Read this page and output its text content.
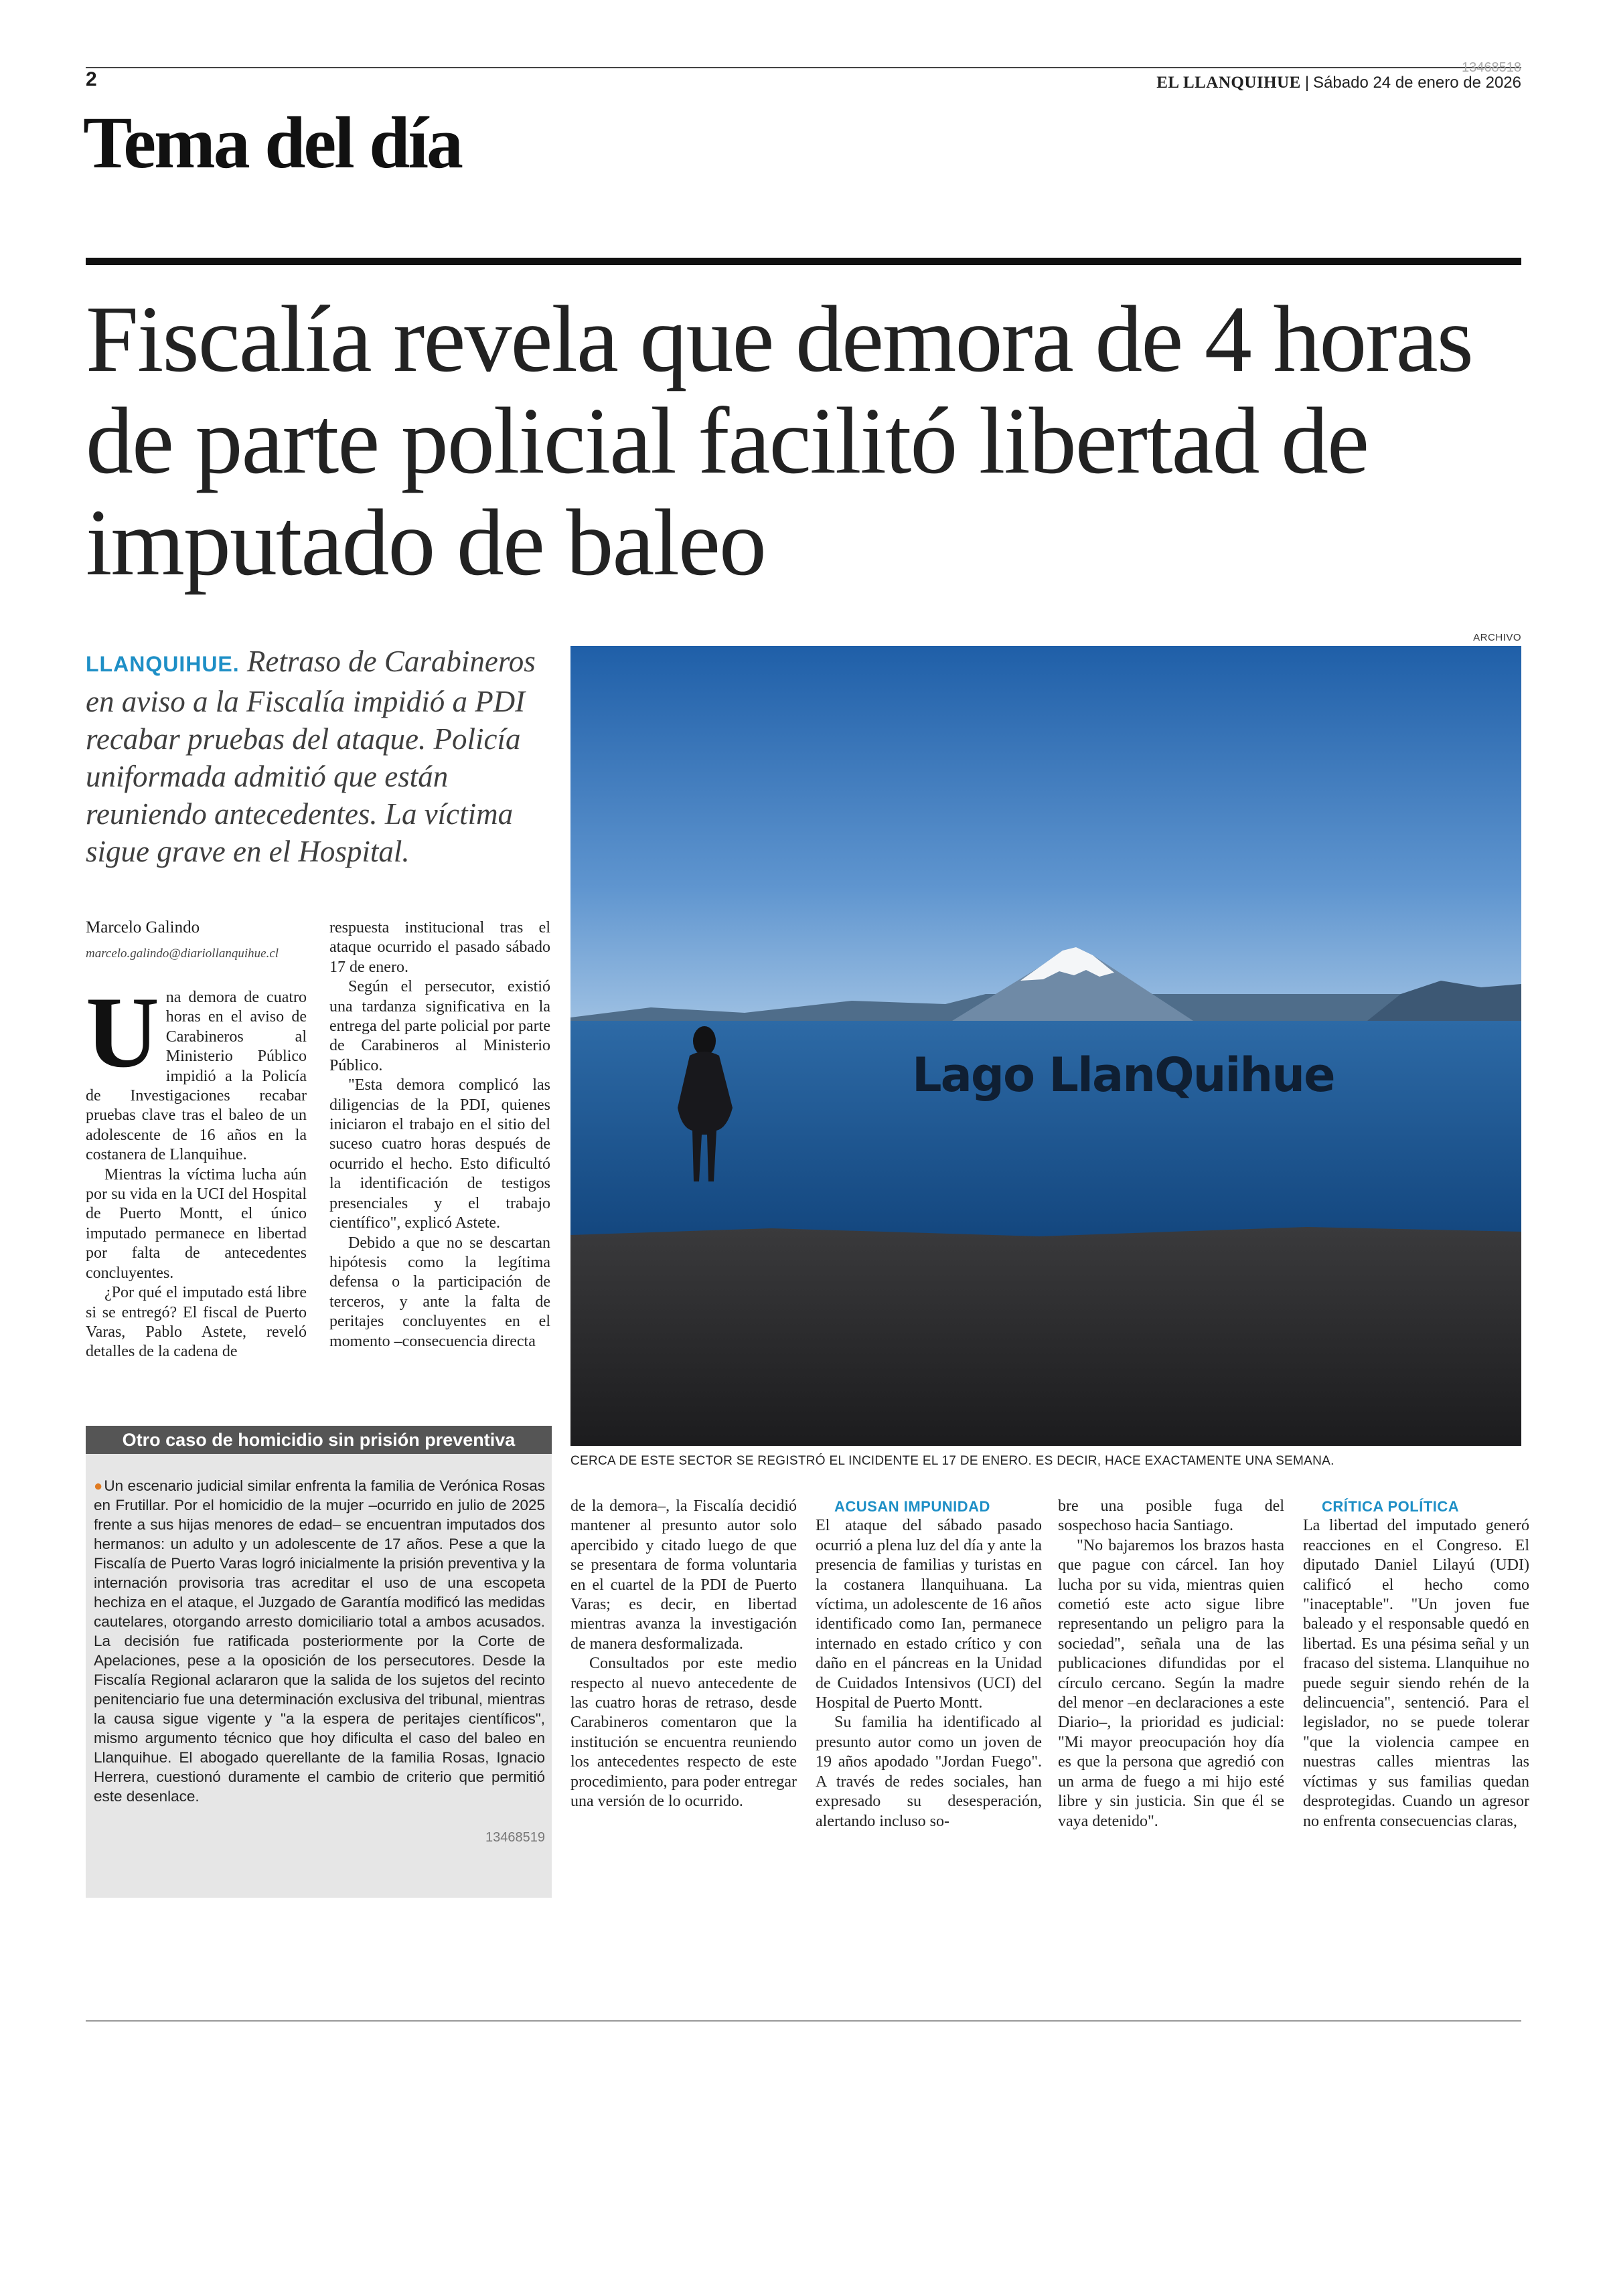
2
13468518
EL LLANQUIHUE | Sábado 24 de enero de 2026
Tema del día
Fiscalía revela que demora de 4 horas de parte policial facilitó libertad de imputado de baleo

LLANQUIHUE. Retraso de Carabineros en aviso a la Fiscalía impidió a PDI recabar pruebas del ataque. Policía uniformada admitió que están reuniendo antecedentes. La víctima sigue grave en el Hospital.

Marcelo Galindo
marcelo.galindo@diariollanquihue.cl

Una demora de cuatro horas en el aviso de Carabineros al Ministerio Público impidió a la Policía de Investigaciones recabar pruebas clave tras el baleo de un adolescente de 16 años en la costanera de Llanquihue.

Mientras la víctima lucha aún por su vida en la UCI del Hospital de Puerto Montt, el único imputado permanece en libertad por falta de antecedentes concluyentes.

¿Por qué el imputado está libre si se entregó? El fiscal de Puerto Varas, Pablo Astete, reveló detalles de la cadena de

respuesta institucional tras el ataque ocurrido el pasado sábado 17 de enero.

Según el persecutor, existió una tardanza significativa en la entrega del parte policial por parte de Carabineros al Ministerio Público.

"Esta demora complicó las diligencias de la PDI, quienes iniciaron el trabajo en el sitio del suceso cuatro horas después de ocurrido el hecho. Esto dificultó la identificación de testigos presenciales y el trabajo científico", explicó Astete.

Debido a que no se descartan hipótesis como la legítima defensa o la participación de terceros, y ante la falta de peritajes concluyentes en el momento –consecuencia directa

ARCHIVO
Lago LlanQuihue
CERCA DE ESTE SECTOR SE REGISTRÓ EL INCIDENTE EL 17 DE ENERO. ES DECIR, HACE EXACTAMENTE UNA SEMANA.
Otro caso de homicidio sin prisión preventiva

●Un escenario judicial similar enfrenta la familia de Verónica Rosas en Frutillar. Por el homicidio de la mujer –ocurrido en julio de 2025 frente a sus hijas menores de edad– se encuentran imputados dos hermanos: un adulto y un adolescente de 17 años. Pese a que la Fiscalía de Puerto Varas logró inicialmente la prisión preventiva y la internación provisoria tras acreditar el uso de una escopeta hechiza en el ataque, el Juzgado de Garantía modificó las medidas cautelares, otorgando arresto domiciliario total a ambos acusados. La decisión fue ratificada posteriormente por la Corte de Apelaciones, pese a la oposición de los persecutores. Desde la Fiscalía Regional aclararon que la salida de los sujetos del recinto penitenciario fue una determinación exclusiva del tribunal, mientras la causa sigue vigente y "a la espera de peritajes científicos", mismo argumento técnico que hoy dificulta el caso del baleo en Llanquihue. El abogado querellante de la familia Rosas, Ignacio Herrera, cuestionó duramente el cambio de criterio que permitió este desenlace.

13468519

de la demora–, la Fiscalía decidió mantener al presunto autor solo apercibido y citado luego de que se presentara de forma voluntaria en el cuartel de la PDI de Puerto Varas; es decir, en libertad mientras avanza la investigación de manera desformalizada.

Consultados por este medio respecto al nuevo antecedente de las cuatro horas de retraso, desde Carabineros comentaron que la institución se encuentra reuniendo los antecedentes respecto de este procedimiento, para poder entregar una versión de lo ocurrido.

ACUSAN IMPUNIDAD

El ataque del sábado pasado ocurrió a plena luz del día y ante la presencia de familias y turistas en la costanera llanquihuana. La víctima, un adolescente de 16 años identificado como Ian, permanece internado en estado crítico y con daño en el páncreas en la Unidad de Cuidados Intensivos (UCI) del Hospital de Puerto Montt.

Su familia ha identificado al presunto autor como un joven de 19 años apodado "Jordan Fuego". A través de redes sociales, han expresado su desesperación, alertando incluso so-

bre una posible fuga del sospechoso hacia Santiago.

"No bajaremos los brazos hasta que pague con cárcel. Ian hoy lucha por su vida, mientras quien cometió este acto sigue libre representando un peligro para la sociedad", señala una de las publicaciones difundidas por el círculo cercano. Según la madre del menor –en declaraciones a este Diario–, la prioridad es judicial: "Mi mayor preocupación hoy día es que la persona que agredió con un arma de fuego a mi hijo esté libre y sin justicia. Sin que él se vaya detenido".

CRÍTICA POLÍTICA

La libertad del imputado generó reacciones en el Congreso. El diputado Daniel Lilayú (UDI) calificó el hecho como "inaceptable". "Un joven fue baleado y el responsable quedó en libertad. Es una pésima señal y un fracaso del sistema. Llanquihue no puede seguir siendo rehén de la delincuencia", sentenció. Para el legislador, no se puede tolerar "que la violencia campee en nuestras calles mientras las víctimas y sus familias quedan desprotegidas. Cuando un agresor no enfrenta consecuencias claras,
